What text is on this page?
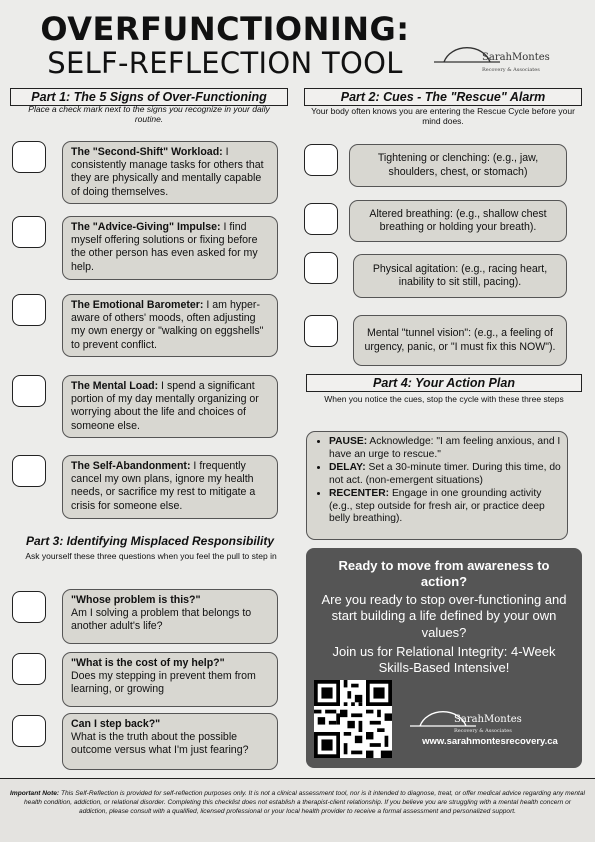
OVERFUNCTIONING:
SELF-REFLECTION TOOL	SarahMontes
Recovery & Associates
Part 1: The 5 Signs of Over-Functioning
Place a check mark next to the signs you recognize in your daily routine.
The "Second-Shift" Workload: I consistently manage tasks for others that they are physically and mentally capable of doing themselves.
The "Advice-Giving" Impulse: I find myself offering solutions or fixing before the other person has even asked for my help.
The Emotional Barometer: I am hyper-aware of others' moods, often adjusting my own energy or "walking on eggshells" to prevent conflict.
The Mental Load: I spend a significant portion of my day mentally organizing or worrying about the life and choices of someone else.
The Self-Abandonment: I frequently cancel my own plans, ignore my health needs, or sacrifice my rest to mitigate a crisis for someone else.
Part 3: Identifying Misplaced Responsibility
Ask yourself these three questions when you feel the pull to step in
"Whose problem is this?"
Am I solving a problem that belongs to another adult's life?
"What is the cost of my help?"
Does my stepping in prevent them from learning, or growing
Can I step back?"
What is the truth about the possible outcome versus what I'm just fearing?
Part 2: Cues - The "Rescue" Alarm
Your body often knows you are entering the Rescue Cycle before your mind does.
Tightening or clenching: (e.g., jaw, shoulders, chest, or stomach)
Altered breathing: (e.g., shallow chest breathing or holding your breath).
Physical agitation: (e.g., racing heart, inability to sit still, pacing).
Mental "tunnel vision": (e.g., a feeling of urgency, panic, or "I must fix this NOW").
Part 4: Your Action Plan
When you notice the cues, stop the cycle with these three steps
• PAUSE: Acknowledge: "I am feeling anxious, and I have an urge to rescue."
• DELAY: Set a 30-minute timer. During this time, do not act. (non-emergent situations)
• RECENTER: Engage in one grounding activity (e.g., step outside for fresh air, or practice deep belly breathing).
Ready to move from awareness to action?
Are you ready to stop over-functioning and start building a life defined by your own values?
Join us for Relational Integrity: 4-Week Skills-Based Intensive!
SarahMontes
Recovery & Associates
www.sarahmontesrecovery.ca
Important Note: This Self-Reflection is provided for self-reflection purposes only. It is not a clinical assessment tool, nor is it intended to diagnose, treat, or offer medical advice regarding any mental health condition, addiction, or relational disorder. Completing this checklist does not establish a therapist-client relationship. If you believe you are struggling with a mental health concern or addiction, please consult with a qualified, licensed professional or your local health provider to receive a formal assessment and personalized support.
